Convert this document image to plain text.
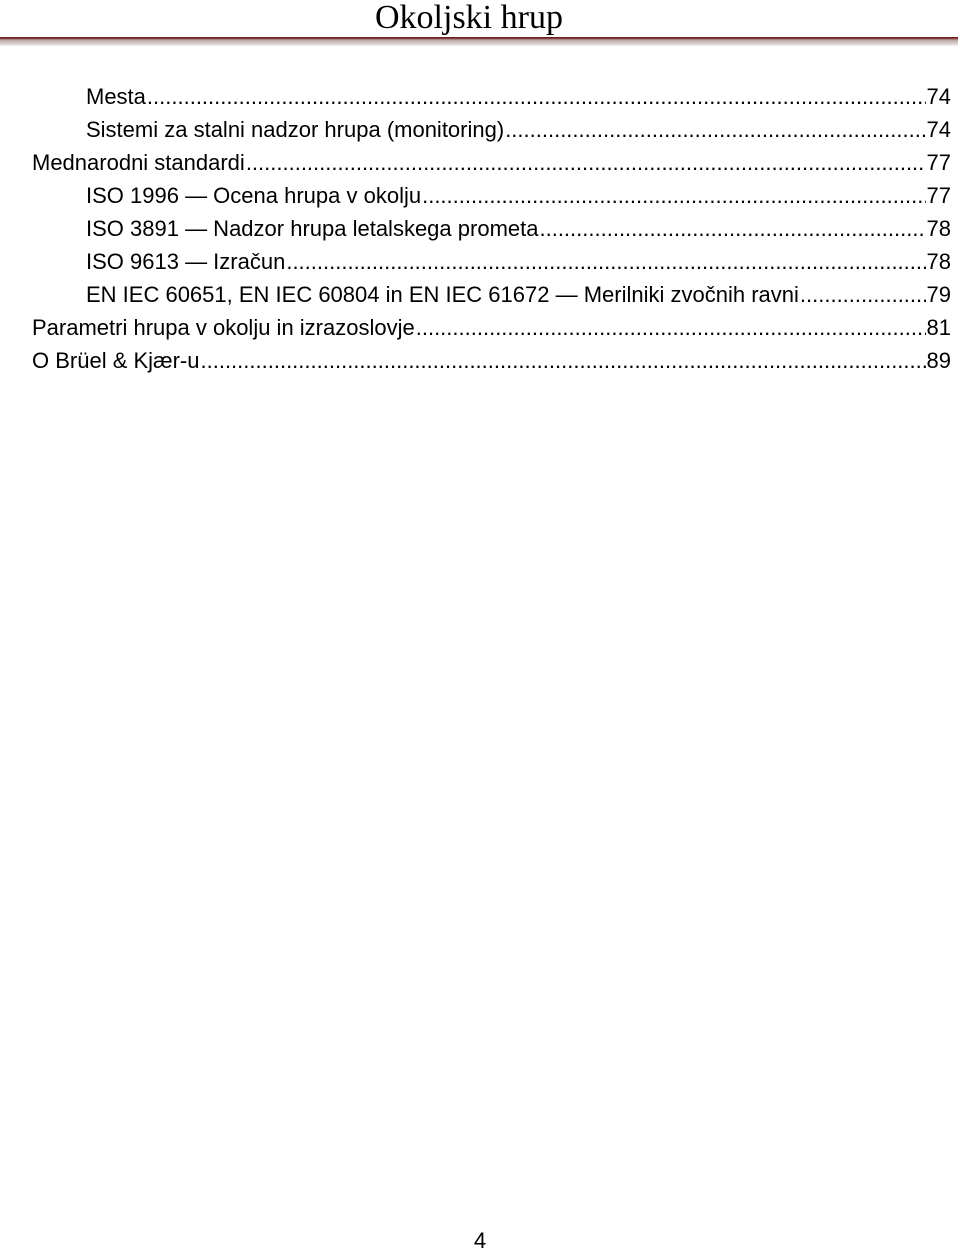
Okoljski hrup
Mesta .....	74
Sistemi za stalni nadzor hrupa (monitoring) .....	74
Mednarodni standardi .....	77
ISO 1996 — Ocena hrupa v okolju .....	77
ISO 3891 — Nadzor hrupa letalskega prometa .....	78
ISO 9613 — Izračun .....	78
EN IEC 60651, EN IEC 60804 in EN IEC 61672 — Merilniki zvočnih ravni .....	79
Parametri hrupa v okolju in izrazoslovje .....	81
O Brüel & Kjær-u .....	89
4
